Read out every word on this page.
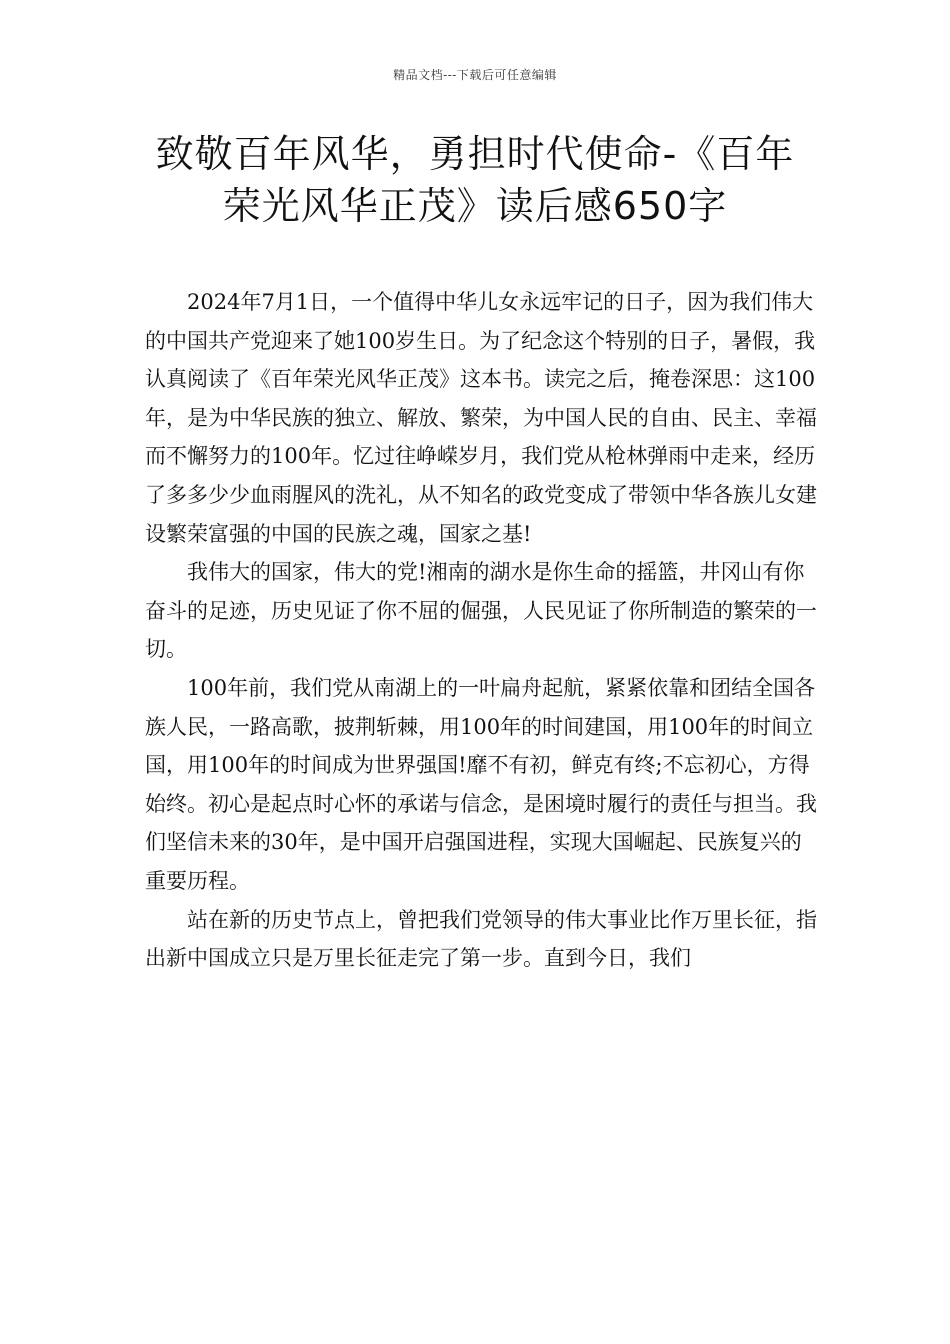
精品文档---下载后可任意编辑
致敬百年风华，勇担时代使命-《百年
荣光风华正茂》读后感650字

2024年7月1日，一个值得中华儿女永远牢记的日子，因为我们伟大的中国共产党迎来了她100岁生日。为了纪念这个特别的日子，暑假，我认真阅读了《百年荣光风华正茂》这本书。读完之后，掩卷深思：这100年，是为中华民族的独立、解放、繁荣，为中国人民的自由、民主、幸福而不懈努力的100年。忆过往峥嵘岁月，我们党从枪林弹雨中走来，经历了多多少少血雨腥风的洗礼，从不知名的政党变成了带领中华各族儿女建设繁荣富强的中国的民族之魂，国家之基!

我伟大的国家，伟大的党!湘南的湖水是你生命的摇篮，井冈山有你奋斗的足迹，历史见证了你不屈的倔强，人民见证了你所制造的繁荣的一切。

100年前，我们党从南湖上的一叶扁舟起航，紧紧依靠和团结全国各族人民，一路高歌，披荆斩棘，用100年的时间建国，用100年的时间立国，用100年的时间成为世界强国!靡不有初，鲜克有终;不忘初心，方得始终。初心是起点时心怀的承诺与信念，是困境时履行的责任与担当。我们坚信未来的30年，是中国开启强国进程，实现大国崛起、民族复兴的重要历程。

站在新的历史节点上，曾把我们党领导的伟大事业比作万里长征，指出新中国成立只是万里长征走完了第一步。直到今日，我们
